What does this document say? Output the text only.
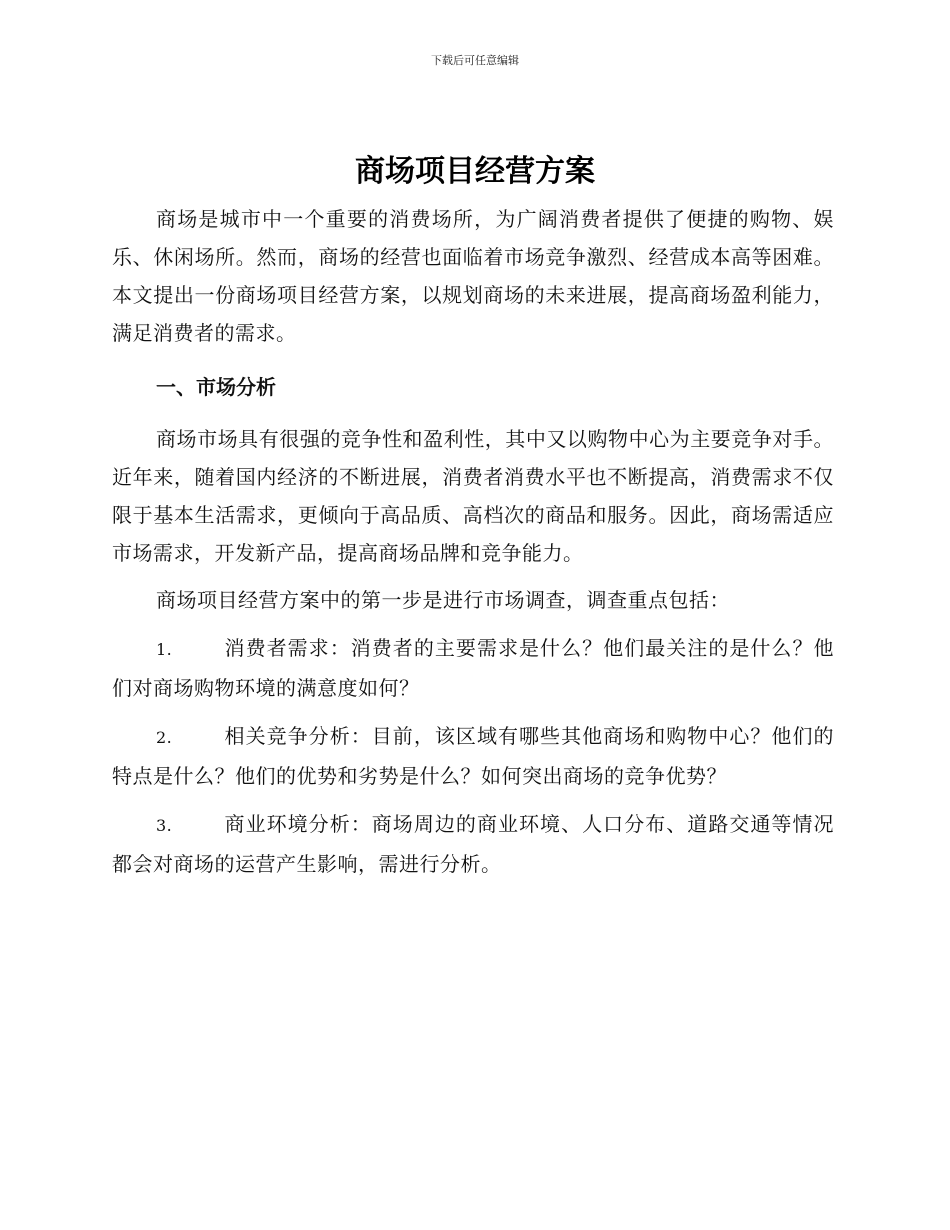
下载后可任意编辑
商场项目经营方案

商场是城市中一个重要的消费场所，为广阔消费者提供了便捷的购物、娱乐、休闲场所。然而，商场的经营也面临着市场竞争激烈、经营成本高等困难。本文提出一份商场项目经营方案，以规划商场的未来进展，提高商场盈利能力，满足消费者的需求。

一、市场分析

商场市场具有很强的竞争性和盈利性，其中又以购物中心为主要竞争对手。近年来，随着国内经济的不断进展，消费者消费水平也不断提高，消费需求不仅限于基本生活需求，更倾向于高品质、高档次的商品和服务。因此，商场需适应市场需求，开发新产品，提高商场品牌和竞争能力。

商场项目经营方案中的第一步是进行市场调查，调查重点包括：

1.	消费者需求：消费者的主要需求是什么？他们最关注的是什么？他们对商场购物环境的满意度如何？

2.	相关竞争分析：目前，该区域有哪些其他商场和购物中心？他们的特点是什么？他们的优势和劣势是什么？如何突出商场的竞争优势？

3.	商业环境分析：商场周边的商业环境、人口分布、道路交通等情况都会对商场的运营产生影响，需进行分析。
